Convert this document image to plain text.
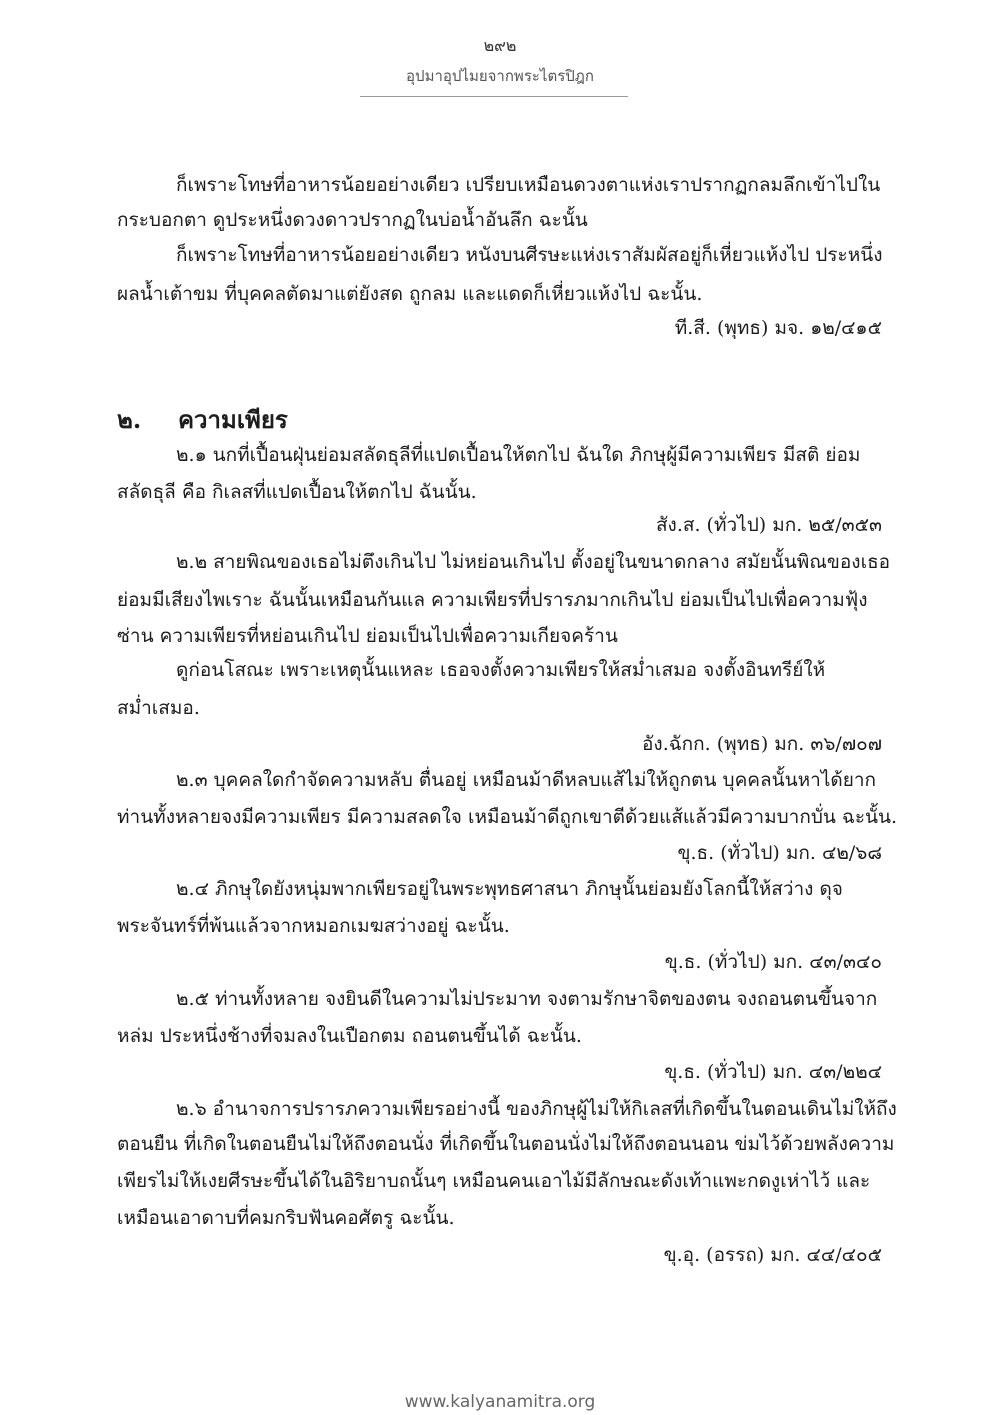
๒๙๒
อุปมาอุปไมยจากพระไตรปิฎก
ก็เพราะโทษที่อาหารน้อยอย่างเดียว เปรียบเหมือนดวงตาแห่งเราปรากฏกลมลึกเข้าไปใน
กระบอกตา ดูประหนึ่งดวงดาวปรากฏในบ่อน้ำอันลึก ฉะนั้น
ก็เพราะโทษที่อาหารน้อยอย่างเดียว หนังบนศีรษะแห่งเราสัมผัสอยู่ก็เหี่ยวแห้งไป ประหนึ่ง
ผลน้ำเต้าขม ที่บุคคลตัดมาแต่ยังสด ถูกลม และแดดก็เหี่ยวแห้งไป ฉะนั้น.
ที.สี. (พุทธ) มจ. ๑๒/๔๑๕
๒. ความเพียร
๒.๑ นกที่เปื้อนฝุ่นย่อมสลัดธุลีที่แปดเปื้อนให้ตกไป ฉันใด ภิกษุผู้มีความเพียร มีสติ ย่อม
สลัดธุลี คือ กิเลสที่แปดเปื้อนให้ตกไป ฉันนั้น.
สัง.ส. (ทั่วไป) มก. ๒๕/๓๕๓
๒.๒ สายพิณของเธอไม่ตึงเกินไป ไม่หย่อนเกินไป ตั้งอยู่ในขนาดกลาง สมัยนั้นพิณของเธอ
ย่อมมีเสียงไพเราะ ฉันนั้นเหมือนกันแล ความเพียรที่ปรารภมากเกินไป ย่อมเป็นไปเพื่อความฟุ้ง
ซ่าน ความเพียรที่หย่อนเกินไป ย่อมเป็นไปเพื่อความเกียจคร้าน
ดูก่อนโสณะ เพราะเหตุนั้นแหละ เธอจงตั้งความเพียรให้สม่ำเสมอ จงตั้งอินทรีย์ให้
สม่ำเสมอ.
อัง.ฉักก. (พุทธ) มก. ๓๖/๗๐๗
๒.๓ บุคคลใดกำจัดความหลับ ตื่นอยู่ เหมือนม้าดีหลบแส้ไม่ให้ถูกตน บุคคลนั้นหาได้ยาก
ท่านทั้งหลายจงมีความเพียร มีความสลดใจ เหมือนม้าดีถูกเขาตีด้วยแส้แล้วมีความบากบั่น ฉะนั้น.
ขุ.ธ. (ทั่วไป) มก. ๔๒/๖๘
๒.๔ ภิกษุใดยังหนุ่มพากเพียรอยู่ในพระพุทธศาสนา ภิกษุนั้นย่อมยังโลกนี้ให้สว่าง ดุจ
พระจันทร์ที่พ้นแล้วจากหมอกเมฆสว่างอยู่ ฉะนั้น.
ขุ.ธ. (ทั่วไป) มก. ๔๓/๓๔๐
๒.๕ ท่านทั้งหลาย จงยินดีในความไม่ประมาท จงตามรักษาจิตของตน จงถอนตนขึ้นจาก
หล่ม ประหนึ่งช้างที่จมลงในเปือกตม ถอนตนขึ้นได้ ฉะนั้น.
ขุ.ธ. (ทั่วไป) มก. ๔๓/๒๒๔
๒.๖ อำนาจการปรารภความเพียรอย่างนี้ ของภิกษุผู้ไม่ให้กิเลสที่เกิดขึ้นในตอนเดินไม่ให้ถึง
ตอนยืน ที่เกิดในตอนยืนไม่ให้ถึงตอนนั่ง ที่เกิดขึ้นในตอนนั่งไม่ให้ถึงตอนนอน ข่มไว้ด้วยพลังความ
เพียรไม่ให้เงยศีรษะขึ้นได้ในอิริยาบถนั้นๆ เหมือนคนเอาไม้มีลักษณะดังเท้าแพะกดงูเห่าไว้ และ
เหมือนเอาดาบที่คมกริบฟันคอศัตรู ฉะนั้น.
ขุ.อุ. (อรรถ) มก. ๔๔/๔๐๕
www.kalyanamitra.org
